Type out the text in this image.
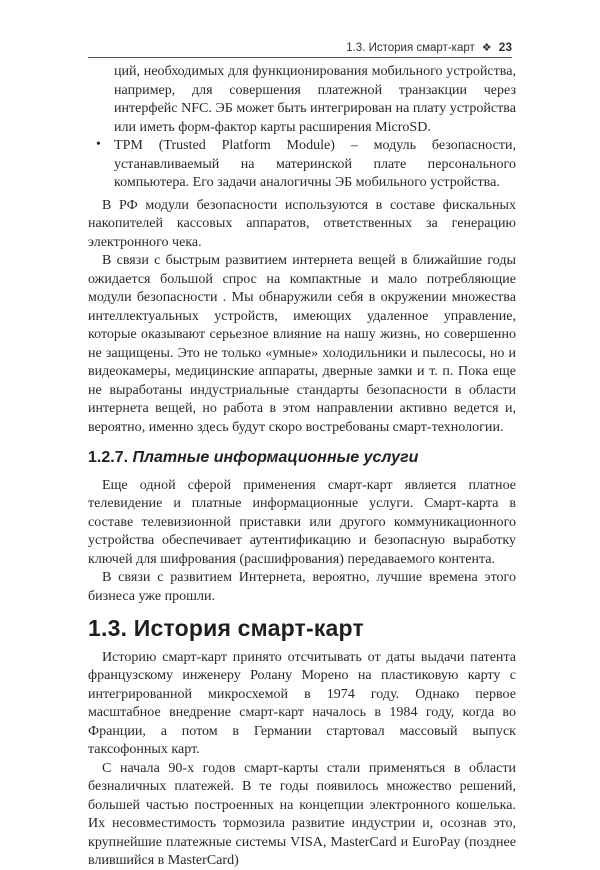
1.3. История смарт-карт ❖ 23

ций, необходимых для функционирования мобильного устройства, например, для совершения платежной транзакции через интерфейс NFC. ЭБ может быть интегрирован на плату устройства или иметь форм-фактор карты расширения MicroSD.

• TPM (Trusted Platform Module) – модуль безопасности, устанавливаемый на материнской плате персонального компьютера. Его задачи аналогичны ЭБ мобильного устройства.

В РФ модули безопасности используются в составе фискальных накопителей кассовых аппаратов, ответственных за генерацию электронного чека.

В связи с быстрым развитием интернета вещей в ближайшие годы ожидается большой спрос на компактные и мало потребляющие модули безопасности . Мы обнаружили себя в окружении множества интеллектуальных устройств, имеющих удаленное управление, которые оказывают серьезное влияние на нашу жизнь, но совершенно не защищены. Это не только «умные» холодильники и пылесосы, но и видеокамеры, медицинские аппараты, дверные замки и т. п. Пока еще не выработаны индустриальные стандарты безопасности в области интернета вещей, но работа в этом направлении активно ведется и, вероятно, именно здесь будут скоро востребованы смарт-технологии.

1.2.7. Платные информационные услуги

Еще одной сферой применения смарт-карт является платное телевидение и платные информационные услуги. Смарт-карта в составе телевизионной приставки или другого коммуникационного устройства обеспечивает аутентификацию и безопасную выработку ключей для шифрования (расшифрования) передаваемого контента.

В связи с развитием Интернета, вероятно, лучшие времена этого бизнеса уже прошли.

1.3. История смарт-карт

Историю смарт-карт принято отсчитывать от даты выдачи патента французскому инженеру Ролану Морено на пластиковую карту с интегрированной микросхемой в 1974 году. Однако первое масштабное внедрение смарт-карт началось в 1984 году, когда во Франции, а потом в Германии стартовал массовый выпуск таксофонных карт.

С начала 90-х годов смарт-карты стали применяться в области безналичных платежей. В те годы появилось множество решений, большей частью построенных на концепции электронного кошелька. Их несовместимость тормозила развитие индустрии и, осознав это, крупнейшие платежные системы VISA, MasterCard и EuroPay (позднее влившийся в MasterCard)
